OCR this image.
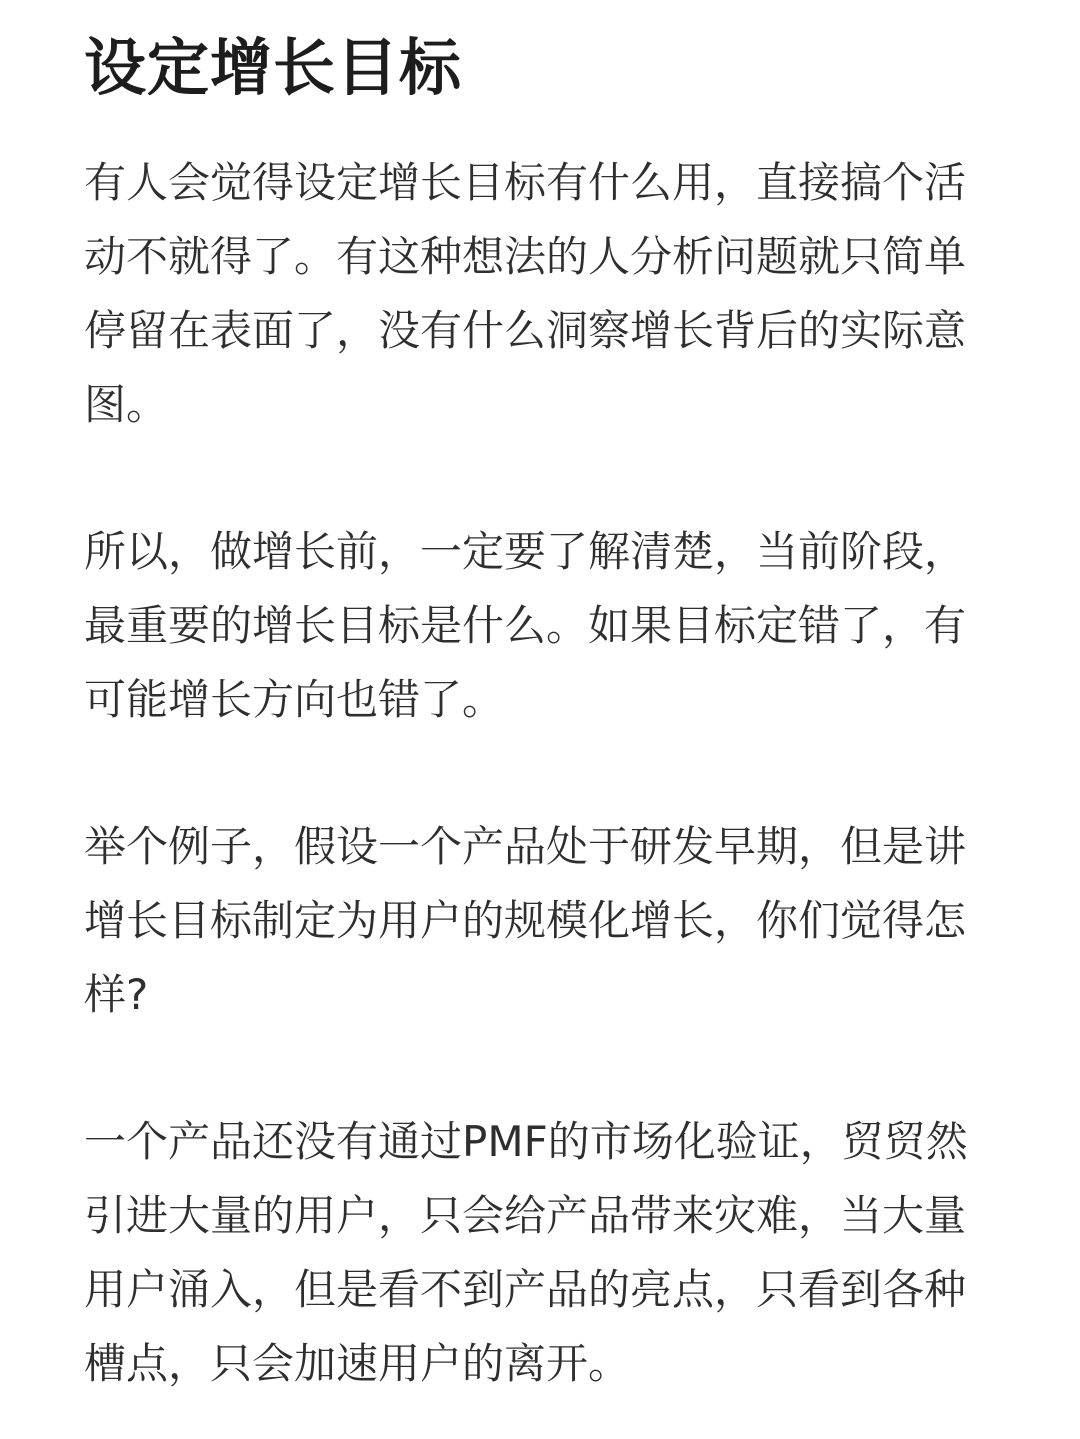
设定增长目标
有人会觉得设定增长目标有什么用，直接搞个活
动不就得了。有这种想法的人分析问题就只简单
停留在表面了，没有什么洞察增长背后的实际意
图。
所以，做增长前，一定要了解清楚，当前阶段，
最重要的增长目标是什么。如果目标定错了，有
可能增长方向也错了。
举个例子，假设一个产品处于研发早期，但是讲
增长目标制定为用户的规模化增长，你们觉得怎
样?
一个产品还没有通过PMF的市场化验证，贸贸然
引进大量的用户，只会给产品带来灾难，当大量
用户涌入，但是看不到产品的亮点，只看到各种
槽点，只会加速用户的离开。
